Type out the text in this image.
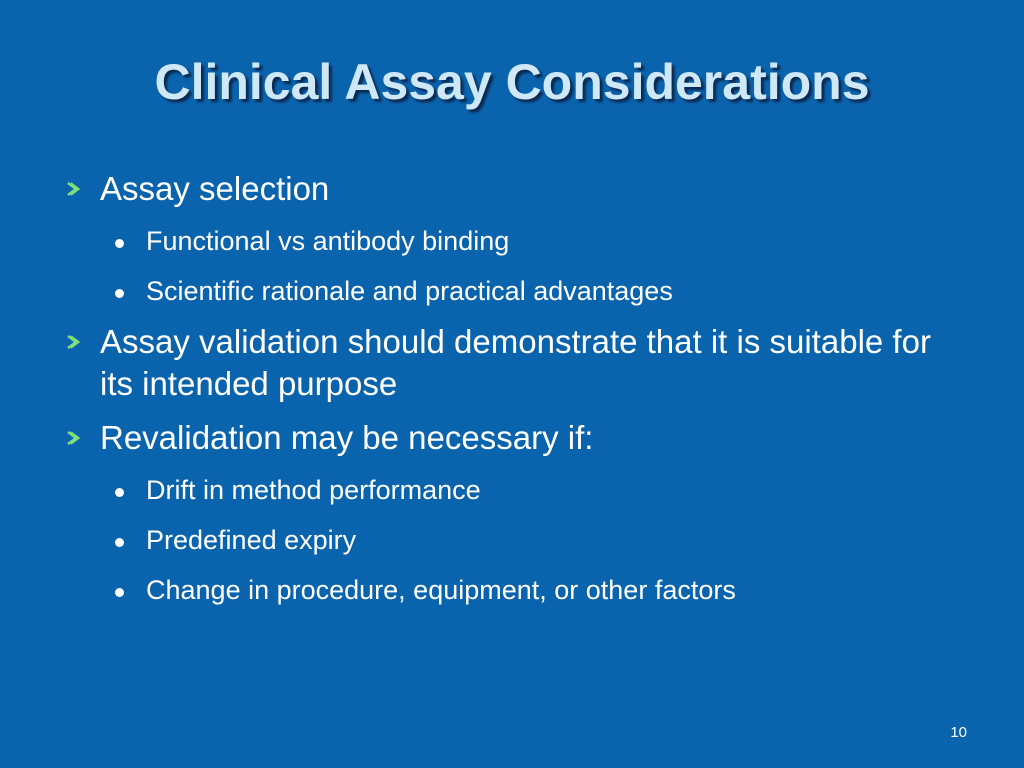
Clinical Assay Considerations
Assay selection
Functional vs antibody binding
Scientific rationale and practical advantages
Assay validation should demonstrate that it is suitable for its intended purpose
Revalidation may be necessary if:
Drift in method performance
Predefined expiry
Change in procedure, equipment, or other factors
10
